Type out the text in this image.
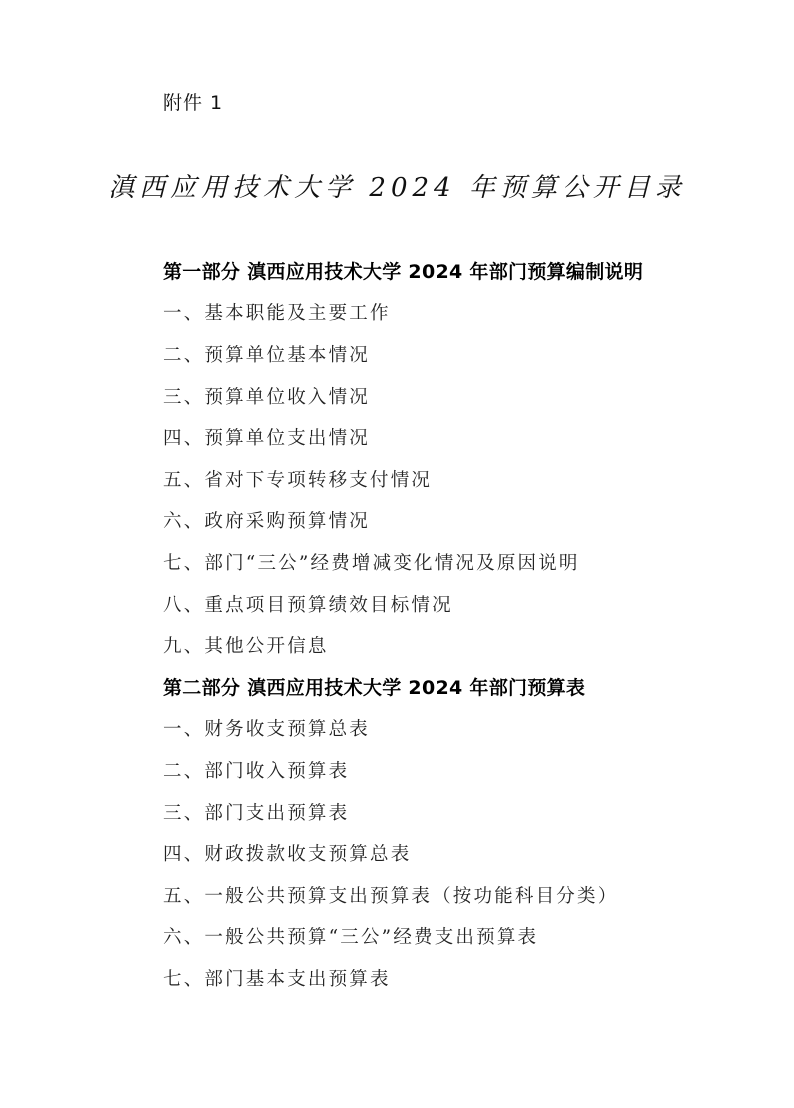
附件 1
滇西应用技术大学 2024 年预算公开目录
第一部分 滇西应用技术大学 2024 年部门预算编制说明
一、基本职能及主要工作
二、预算单位基本情况
三、预算单位收入情况
四、预算单位支出情况
五、省对下专项转移支付情况
六、政府采购预算情况
七、部门“三公”经费增减变化情况及原因说明
八、重点项目预算绩效目标情况
九、其他公开信息
第二部分 滇西应用技术大学 2024 年部门预算表
一、财务收支预算总表
二、部门收入预算表
三、部门支出预算表
四、财政拨款收支预算总表
五、一般公共预算支出预算表（按功能科目分类）
六、一般公共预算“三公”经费支出预算表
七、部门基本支出预算表
